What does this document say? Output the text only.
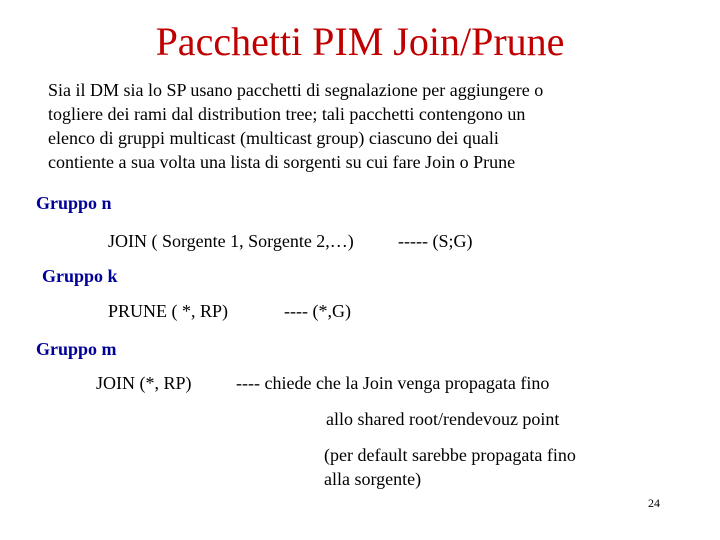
Pacchetti PIM Join/Prune
Sia il DM sia lo SP usano pacchetti di segnalazione per aggiungere o
togliere dei rami dal distribution tree; tali pacchetti contengono un
elenco di gruppi multicast (multicast group) ciascuno dei quali
contiente a sua volta una lista di sorgenti su cui fare Join o Prune
Gruppo n
JOIN ( Sorgente 1, Sorgente 2,…) ----- (S;G)
Gruppo k
PRUNE ( *, RP)	---- (*,G)
Gruppo m
JOIN (*, RP) ---- chiede che la Join venga propagata fino
allo shared root/rendevouz point
(per default sarebbe propagata fino
alla sorgente)
24
